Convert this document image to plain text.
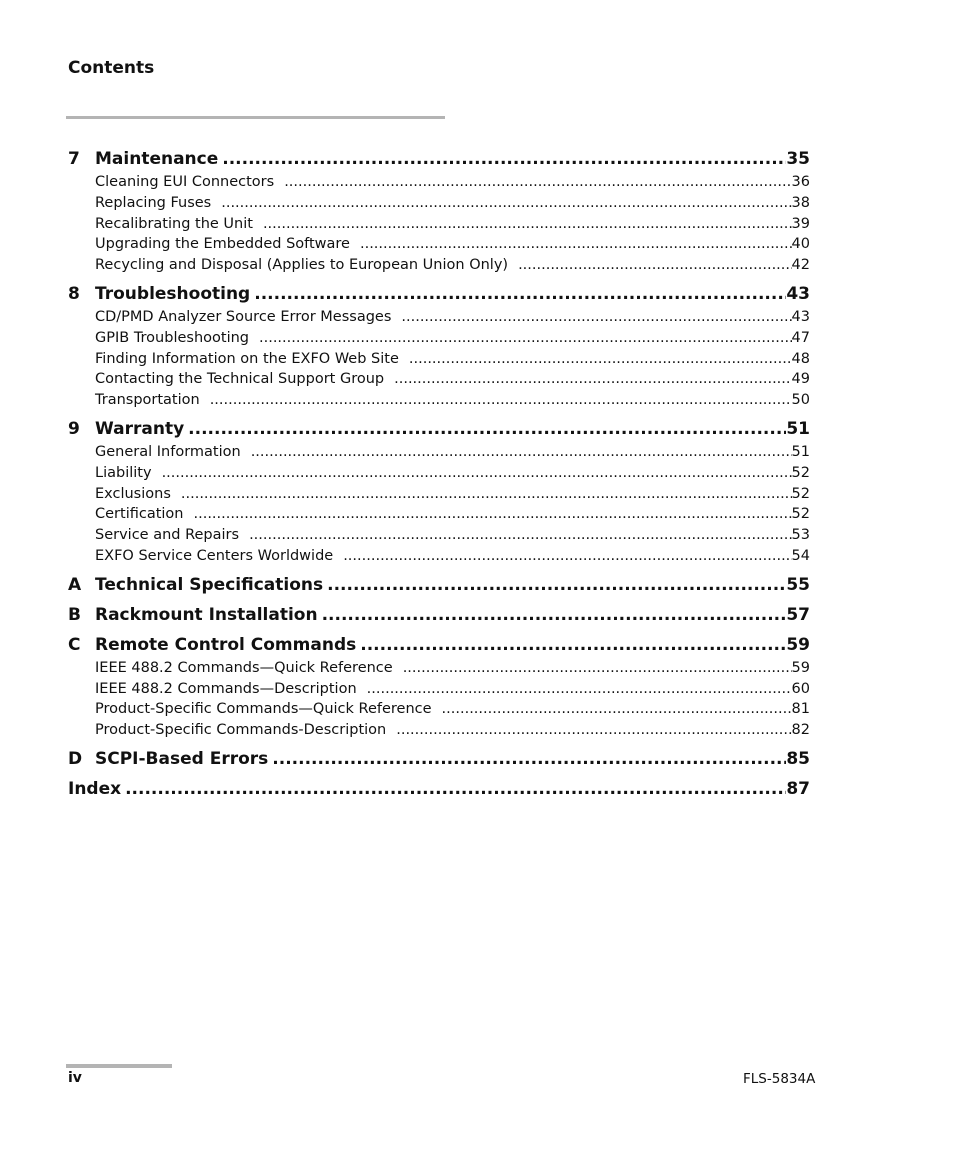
Contents
7 Maintenance .....	35
Cleaning EUI Connectors .....	36
Replacing Fuses .....	38
Recalibrating the Unit .....	39
Upgrading the Embedded Software .....	40
Recycling and Disposal (Applies to European Union Only) .....	42
8 Troubleshooting .....	43
CD/PMD Analyzer Source Error Messages .....	43
GPIB Troubleshooting .....	47
Finding Information on the EXFO Web Site .....	48
Contacting the Technical Support Group .....	49
Transportation .....	50
9 Warranty .....	51
General Information .....	51
Liability .....	52
Exclusions .....	52
Certification .....	52
Service and Repairs .....	53
EXFO Service Centers Worldwide .....	54
A Technical Specifications .....	55
B Rackmount Installation .....	57
C Remote Control Commands .....	59
IEEE 488.2 Commands—Quick Reference .....	59
IEEE 488.2 Commands—Description .....	60
Product-Specific Commands—Quick Reference .....	81
Product-Specific Commands-Description .....	82
D SCPI-Based Errors .....	85
Index .....	87
iv	FLS-5834A
